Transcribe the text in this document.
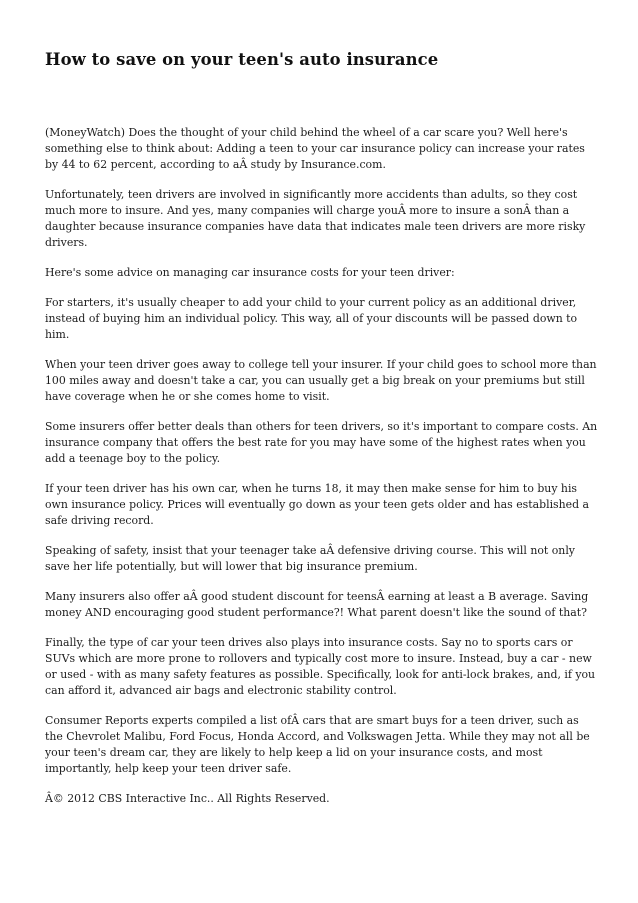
How to save on your teen's auto insurance

(MoneyWatch) Does the thought of your child behind the wheel of a car scare you? Well here's something else to think about: Adding a teen to your car insurance policy can increase your rates by 44 to 62 percent, according to aÂ study by Insurance.com.

Unfortunately, teen drivers are involved in significantly more accidents than adults, so they cost much more to insure. And yes, many companies will charge youÂ more to insure a sonÂ than a daughter because insurance companies have data that indicates male teen drivers are more risky drivers.

Here's some advice on managing car insurance costs for your teen driver:

For starters, it's usually cheaper to add your child to your current policy as an additional driver, instead of buying him an individual policy. This way, all of your discounts will be passed down to him.

When your teen driver goes away to college tell your insurer. If your child goes to school more than 100 miles away and doesn't take a car, you can usually get a big break on your premiums but still have coverage when he or she comes home to visit.

Some insurers offer better deals than others for teen drivers, so it's important to compare costs. An insurance company that offers the best rate for you may have some of the highest rates when you add a teenage boy to the policy.

If your teen driver has his own car, when he turns 18, it may then make sense for him to buy his own insurance policy. Prices will eventually go down as your teen gets older and has established a safe driving record.

Speaking of safety, insist that your teenager take aÂ defensive driving course. This will not only save her life potentially, but will lower that big insurance premium.

Many insurers also offer aÂ good student discount for teensÂ earning at least a B average. Saving money AND encouraging good student performance?! What parent doesn't like the sound of that?

Finally, the type of car your teen drives also plays into insurance costs. Say no to sports cars or SUVs which are more prone to rollovers and typically cost more to insure. Instead, buy a car - new or used - with as many safety features as possible. Specifically, look for anti-lock brakes, and, if you can afford it, advanced air bags and electronic stability control.

Consumer Reports experts compiled a list ofÂ cars that are smart buys for a teen driver, such as the Chevrolet Malibu, Ford Focus, Honda Accord, and Volkswagen Jetta. While they may not all be your teen's dream car, they are likely to help keep a lid on your insurance costs, and most importantly, help keep your teen driver safe.

Â© 2012 CBS Interactive Inc.. All Rights Reserved.
